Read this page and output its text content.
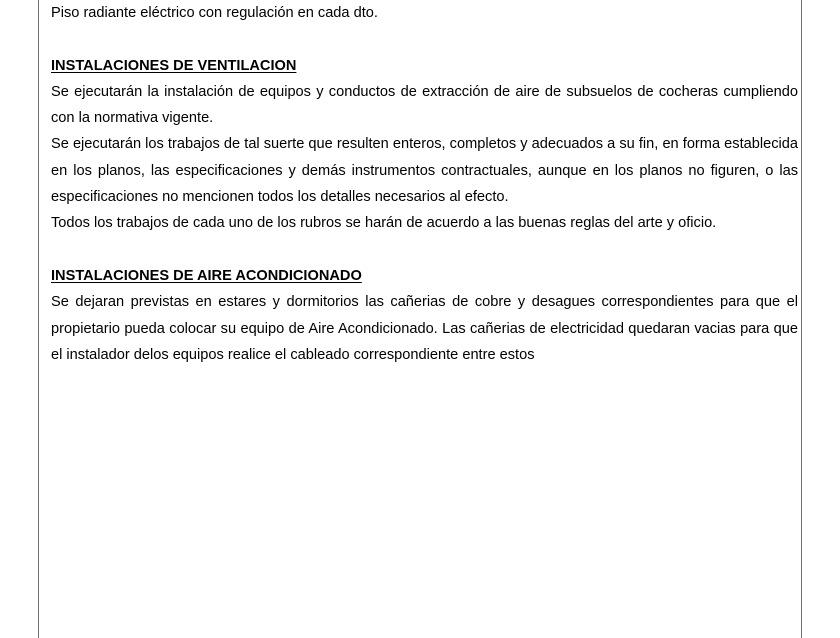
Piso radiante eléctrico con regulación en cada dto.

INSTALACIONES DE VENTILACION

Se ejecutarán la instalación de equipos y conductos de extracción de aire de subsuelos de cocheras cumpliendo con la normativa vigente.

Se ejecutarán los trabajos de tal suerte que resulten enteros, completos y adecuados a su fin, en forma establecida en los planos, las especificaciones y demás instrumentos contractuales, aunque en los planos no figuren, o las especificaciones no mencionen todos los detalles necesarios al efecto.

Todos los trabajos de cada uno de los rubros se harán de acuerdo a las buenas reglas del arte y oficio.

INSTALACIONES DE AIRE ACONDICIONADO

Se dejaran previstas en estares y dormitorios las cañerias de cobre y desagues correspondientes para que el propietario pueda colocar su equipo de Aire Acondicionado. Las cañerias de electricidad quedaran vacias para que el instalador delos equipos realice el cableado correspondiente entre estos
